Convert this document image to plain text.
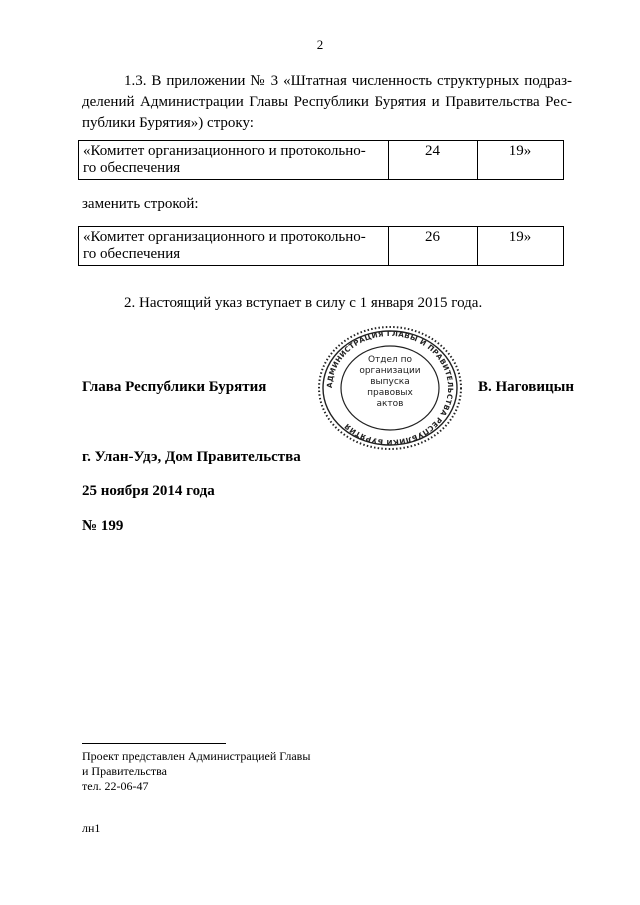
2
1.3. В приложении № 3 «Штатная численность структурных подраз-
делений Администрации Главы Республики Бурятия и Правительства Рес-
публики Бурятия») строку:
«Комитет организационного и протокольно-
го обеспечения
	24	19»
заменить строкой:
«Комитет организационного и протокольно-
го обеспечения
	26	19»
2. Настоящий указ вступает в силу с 1 января 2015 года.
Глава Республики Бурятия	В. Наговицын
АДМИНИСТРАЦИЯ ГЛАВЫ И ПРАВИТЕЛЬСТВА РЕСПУБЛИКИ БУРЯТИЯ
Отдел по
организации
выпуска
правовых
актов
г. Улан-Удэ, Дом Правительства
25 ноября 2014 года
№ 199
Проект представлен Администрацией Главы
и Правительства
тел. 22-06-47
лн1
